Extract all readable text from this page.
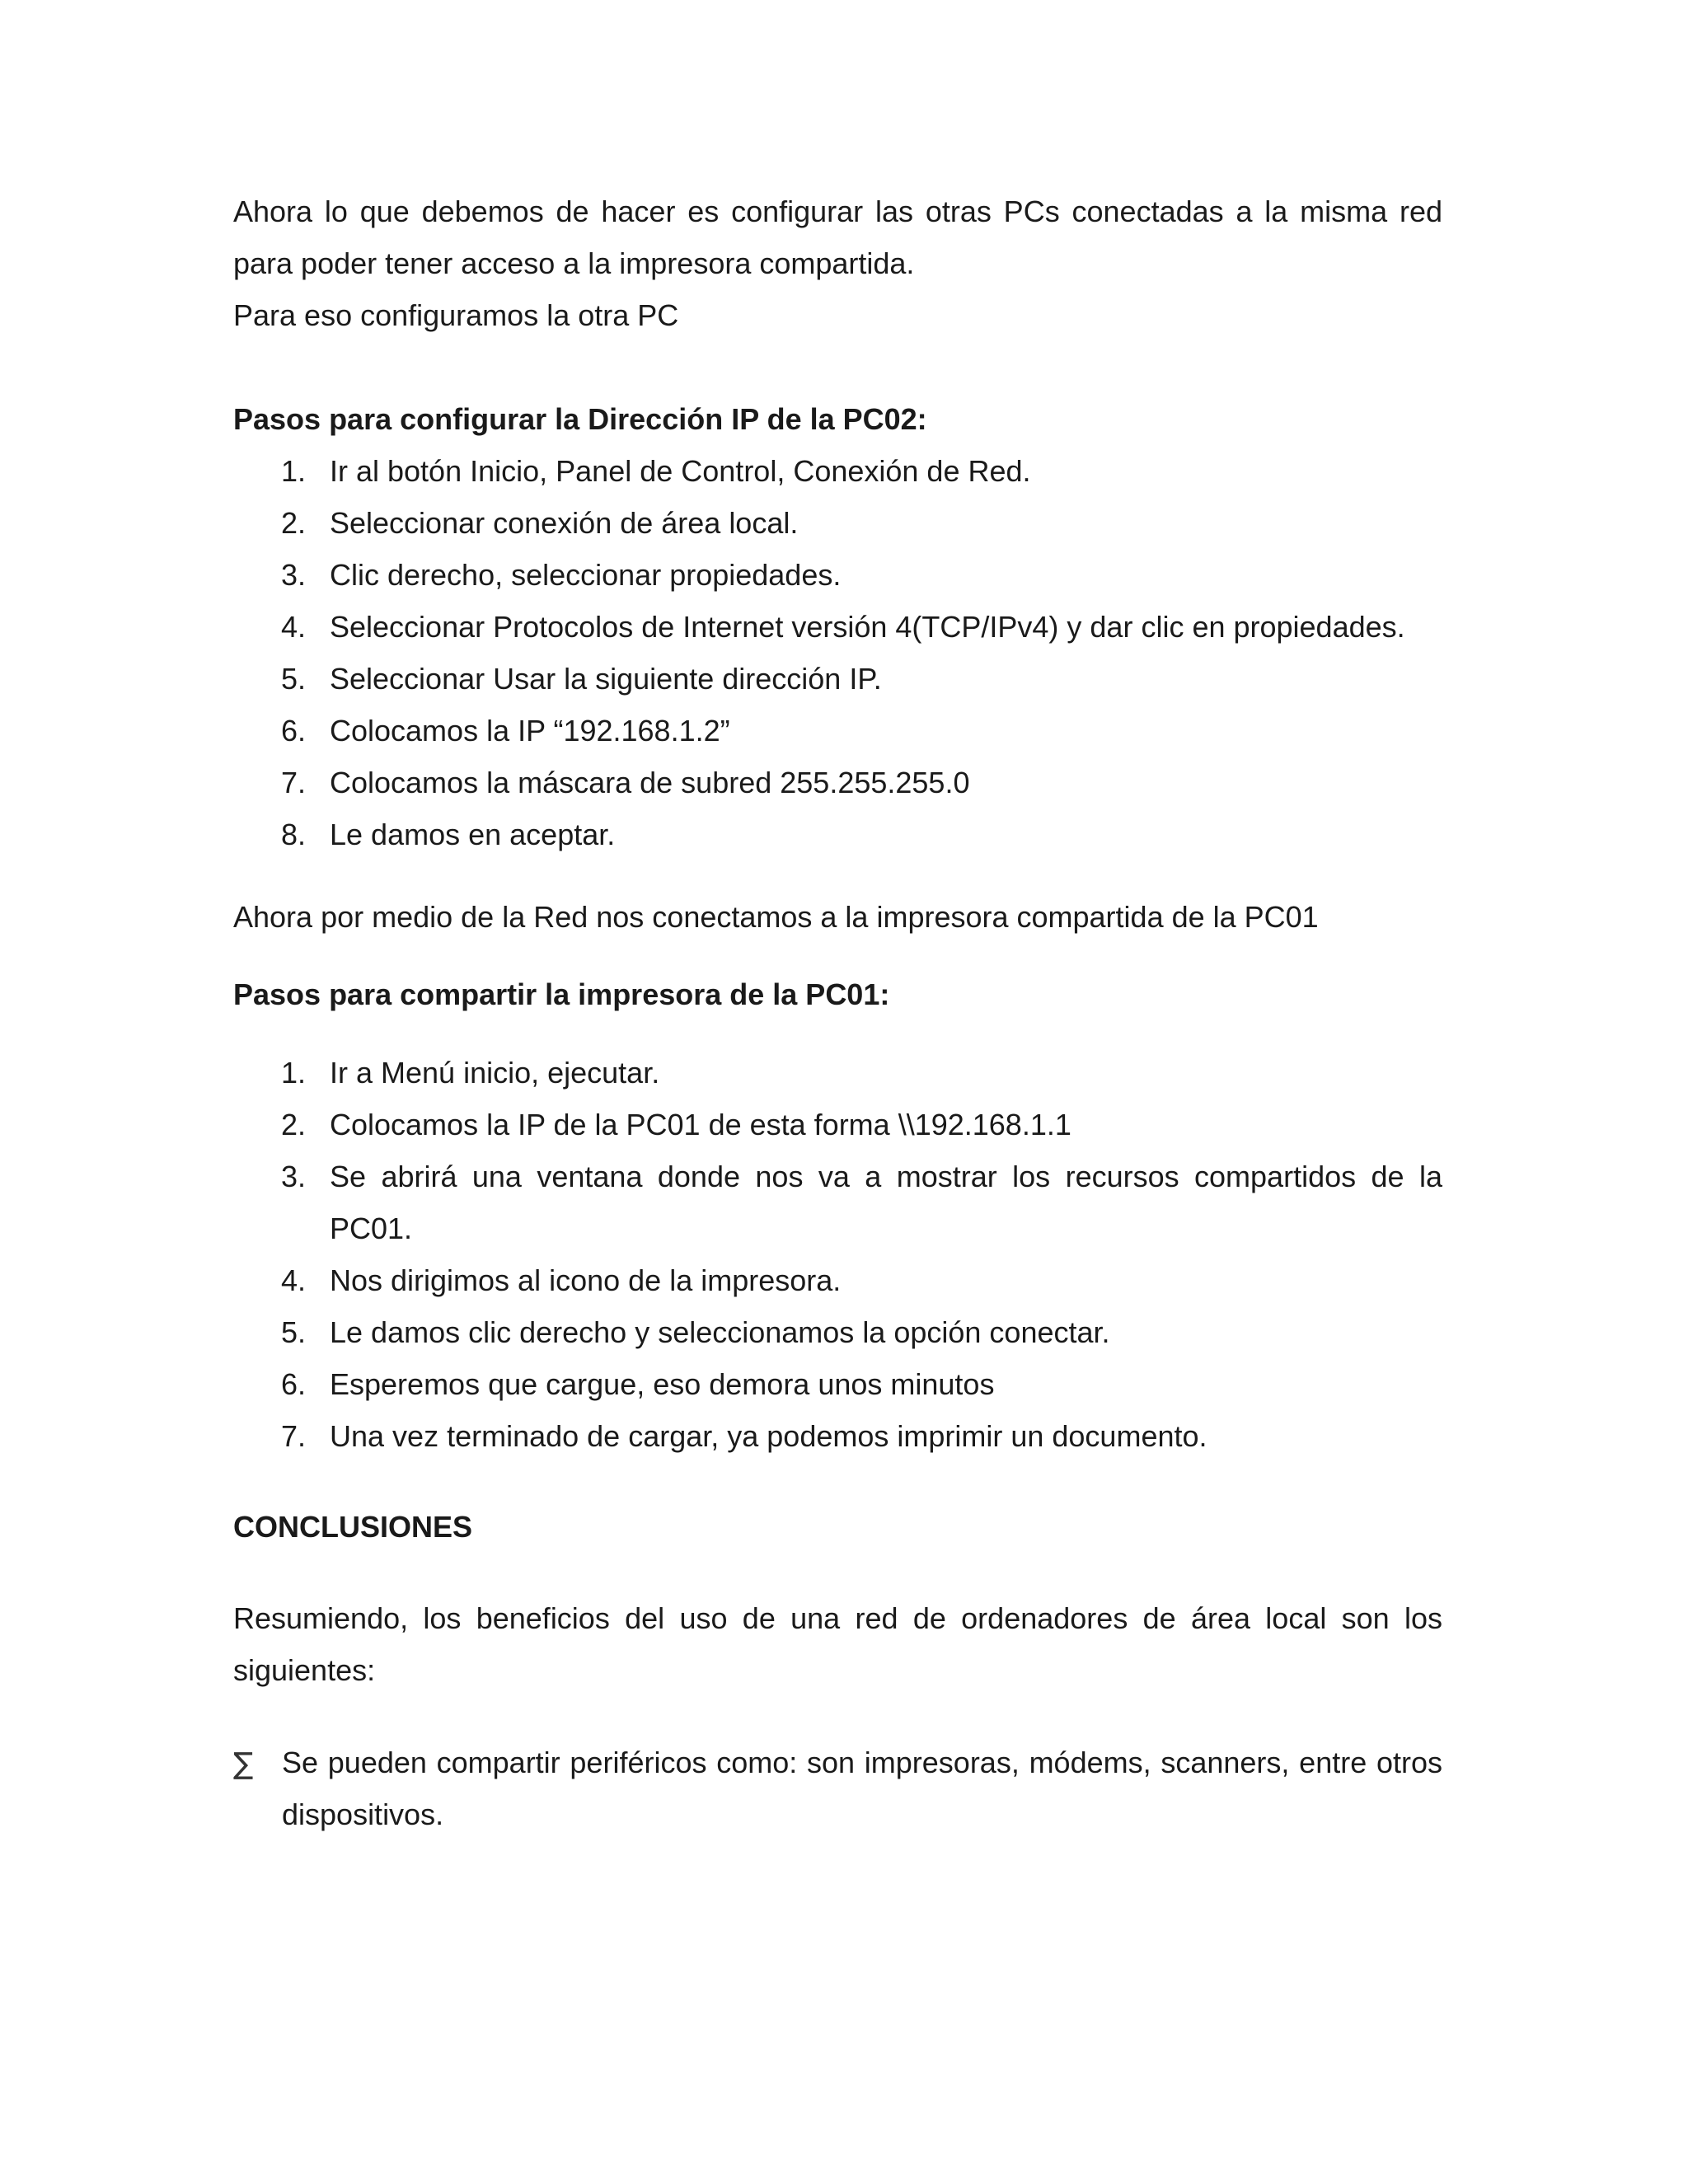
Ahora lo que debemos de hacer es configurar las otras PCs conectadas a la misma red para poder tener acceso a la impresora compartida.

Para eso configuramos la otra PC

Pasos para configurar la Dirección IP de la PC02:

1. Ir al botón Inicio, Panel de Control, Conexión de Red.
2. Seleccionar conexión de área local.
3. Clic derecho, seleccionar propiedades.
4. Seleccionar Protocolos de Internet versión 4(TCP/IPv4) y dar clic en propiedades.
5. Seleccionar Usar la siguiente dirección IP.
6. Colocamos la IP “192.168.1.2”
7. Colocamos la máscara de subred 255.255.255.0
8. Le damos en aceptar.

Ahora por medio de la Red nos conectamos a la impresora compartida de la PC01

Pasos para compartir la impresora de la PC01:

1. Ir a Menú inicio, ejecutar.
2. Colocamos la IP de la PC01 de esta forma \\192.168.1.1
3. Se abrirá una ventana donde nos va a mostrar los recursos compartidos de la PC01.
4. Nos dirigimos al icono de la impresora.
5. Le damos clic derecho y seleccionamos la opción conectar.
6. Esperemos que cargue, eso demora unos minutos
7. Una vez terminado de cargar, ya podemos imprimir un documento.

CONCLUSIONES

Resumiendo, los beneficios del uso de una red de ordenadores de área local son los siguientes:

∑ Se pueden compartir periféricos como: son impresoras, módems, scanners, entre otros dispositivos.
